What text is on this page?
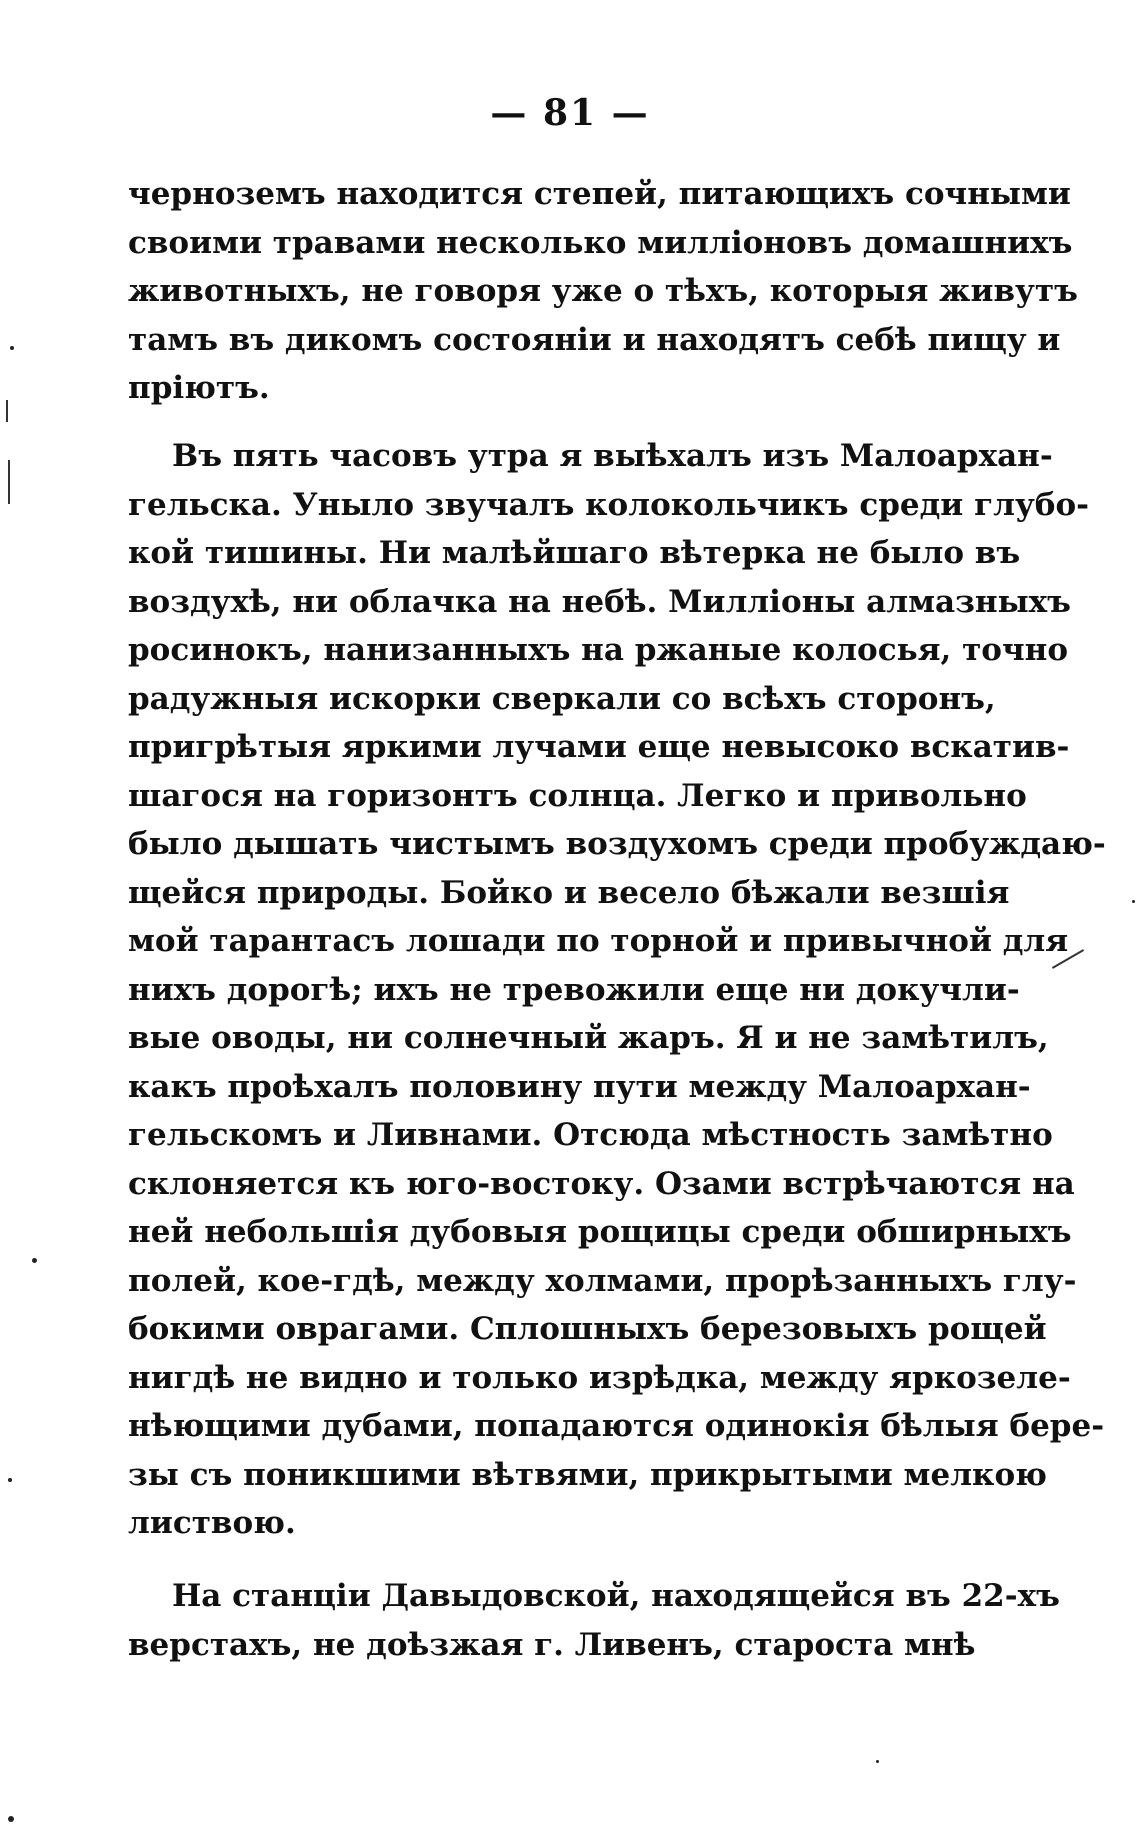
— 81 —
черноземъ находится степей, питающихъ сочными
своими травами несколько миллiоновъ домашнихъ
животныхъ, не говоря уже о тѣхъ, которыя живутъ
тамъ въ дикомъ состоянiи и находятъ себѣ пищу и
прiютъ.
Въ пять часовъ утра я выѣхалъ изъ Малоархан-
гельска. Уныло звучалъ колокольчикъ среди глубо-
кой тишины. Ни малѣйшаго вѣтерка не было въ
воздухѣ, ни облачка на небѣ. Миллiоны алмазныхъ
росинокъ, нанизанныхъ на ржаные колосья, точно
радужныя искорки сверкали со всѣхъ сторонъ,
пригрѣтыя яркими лучами еще невысоко вскатив-
шагося на горизонтъ солнца. Легко и привольно
было дышать чистымъ воздухомъ среди пробуждаю-
щейся природы. Бойко и весело бѣжали везшiя
мой тарантасъ лошади по торной и привычной для
нихъ дорогѣ; ихъ не тревожили еще ни докучли-
вые оводы, ни солнечный жаръ. Я и не замѣтилъ,
какъ проѣхалъ половину пути между Малоархан-
гельскомъ и Ливнами. Отсюда мѣстность замѣтно
склоняется къ юго-востоку. Озами встрѣчаются на
ней небольшiя дубовыя рощицы среди обширныхъ
полей, кое-гдѣ, между холмами, прорѣзанныхъ глу-
бокими оврагами. Сплошныхъ березовыхъ рощей
нигдѣ не видно и только изрѣдка, между яркозеле-
нѣющими дубами, попадаются одинокiя бѣлыя бере-
зы съ поникшими вѣтвями, прикрытыми мелкою
листвою.
На станцiи Давыдовской, находящейся въ 22-хъ
верстахъ, не доѣзжая г. Ливенъ, староста мнѣ
